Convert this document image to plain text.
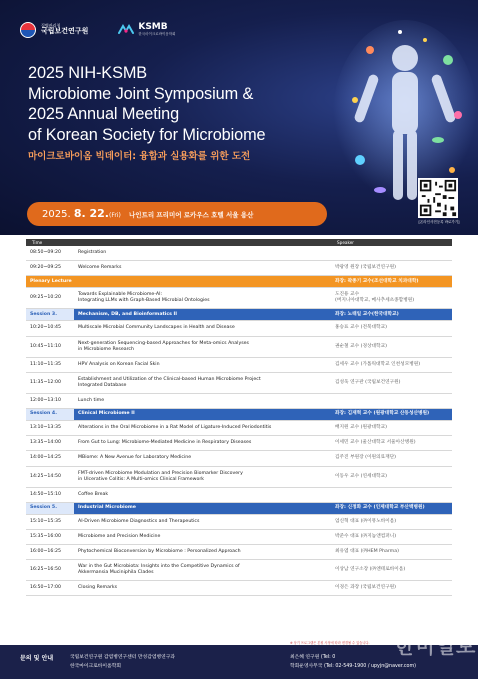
질병관리청
국립보건연구원	KSMB
한국마이크로바이옴학회
2025 NIH-KSMB
Microbiome Joint Symposium &
2025 Annual Meeting
of Korean Society for Microbiome
마이크로바이옴 빅데이터: 융합과 실용화를 위한 도전
[온라인사전등록 바로가기]
2025. 8. 22.(Fri) 나인트리 프리미어 로카우스 호텔 서울 용산
Time		Speaker
08:50~09:20	Registration	
09:20~09:25	Welcome Remarks	박광영 원장 (국립보건연구원)
Plenary Lecture		좌장: 곽종기 교수(조선대학교 치과대학)
09:25~10:20	Towards Explainable Microbiome-AI:
Integrating LLMs with Graph-Based Microbial Ontologies	도진용 교수
(버지니아대학교, 메사추세츠종합병원)
Session 3.	Mechanism, DB, and Bioinformatics II	좌장: 노태일 교수(한국대학교)
10:20~10:45	Multiscale Microbial Community Landscapes in Health and Disease	홍승표 교수 (전북대학교)
10:45~11:10	Next-generation Sequencing-based Approaches for Meta-omics Analyses
in Microbiome Research	권순철 교수 (경상대학교)
11:10~11:35	HPV Analysis on Korean Facial Skin	김세우 교수 (가톨릭대학교 인천성모병원)
11:35~12:00	Establishment and Utilization of the Clinical-based Human Microbiome Project
Integrated Database	김성욱 연구관 (국립보건연구원)
12:00~13:10	Lunch time	
Session 4.	Clinical Microbiome II	좌장: 김재혁 교수 (원광대학교 산동성산병원)
13:10~13:35	Alterations in the Oral Microbiome in a Rat Model of Ligature-Induced Periodontitis	배지원 교수 (원광대학교)
13:35~14:00	From Gut to Lung: Microbiome-Mediated Medicine in Respiratory Diseases	이세민 교수 (울산대학교 서울아산병원)
14:00~14:25	MBiome: A New Avenue for Laboratory Medicine	김주진 부원장 (이원의료재단)
14:25~14:50	FMT-driven Microbiome Modulation and Precision Biomarker Discovery
in Ulcerative Colitis: A Multi-omics Clinical Framework	이동우 교수 (연세대학교)
14:50~15:10	Coffee Break	
Session 5.	Industrial Microbiome	좌장: 신정화 교수 (인제대학교 부산백병원)
15:10~15:35	AI-Driven Microbiome Diagnostics and Therapeutics	엄신혁 대표 (㈜이뮤노바이옴)
15:35~16:00	Microbiome and Precision Medicine	박준수 대표 (㈜지놈앤컴퍼니)
16:00~16:25	Phytochemical Bioconversion by Microbiome : Personalized Approach	최유엽 대표 (㈜HEM Pharma)
16:25~16:50	War in the Gut Microbiota: Insights into the Competitive Dynamics of
Akkermansia Muciniphila Clades	이상남 연구소장 (㈜엔테로바이옴)
16:50~17:00	Closing Remarks	이경은 과장 (국립보건연구원)
※ 상기 프로그램은 본원 사정에 따라 변경될 수 있습니다.
문의 및 안내	국립보건연구원 감염병연구센터 만성감염병연구과
한국마이크로바이옴학회
최은혜 연구원 (Tel: 0
학회운영사무국 (Tel: 02-549-1900 / upyjn@naver.com)
한미일보
